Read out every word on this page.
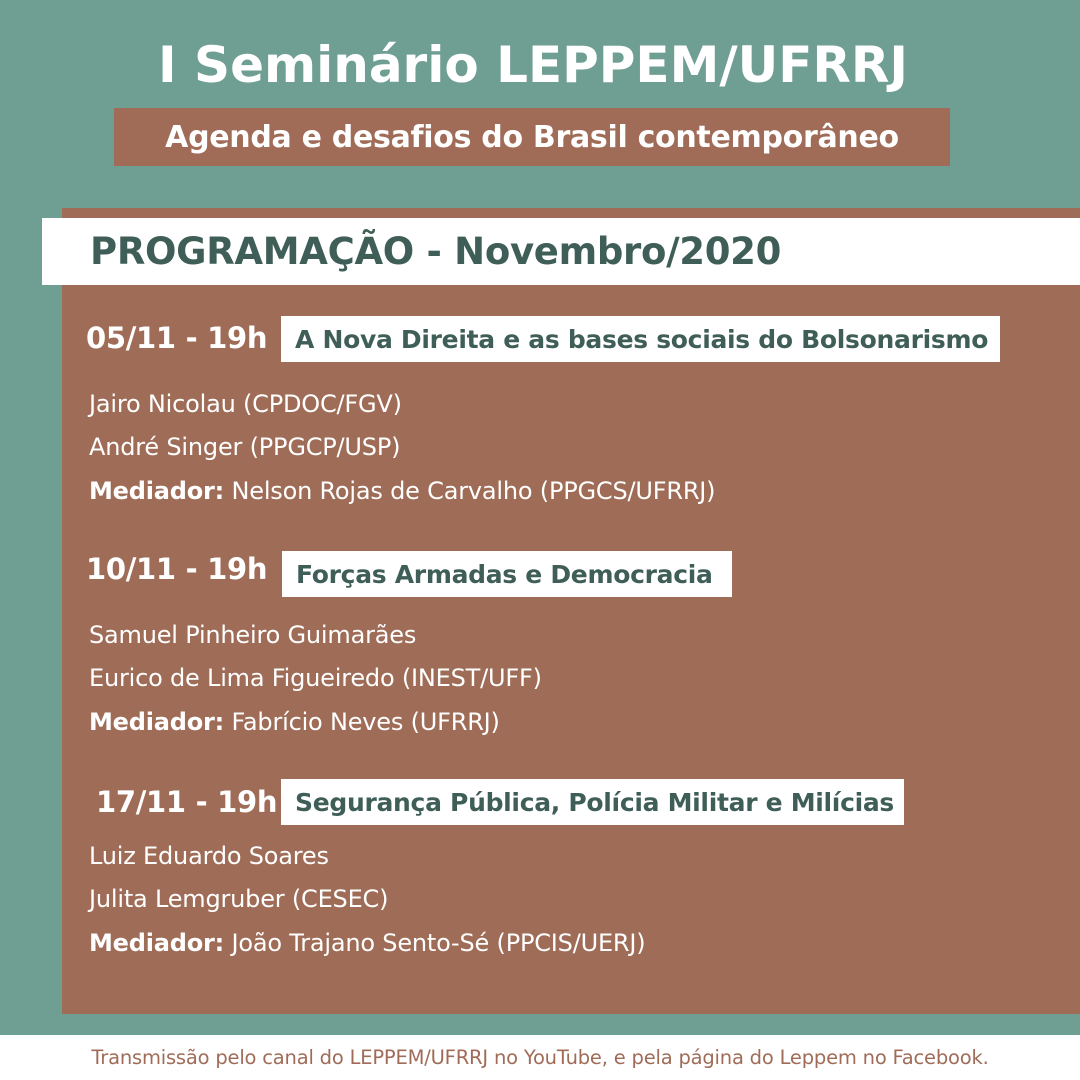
I Seminário LEPPEM/UFRRJ
Agenda e desafios do Brasil contemporâneo
PROGRAMAÇÃO - Novembro/2020
05/11 - 19h	A Nova Direita e as bases sociais do Bolsonarismo
Jairo Nicolau (CPDOC/FGV)
André Singer (PPGCP/USP)
Mediador: Nelson Rojas de Carvalho (PPGCS/UFRRJ)
10/11 - 19h	Forças Armadas e Democracia
Samuel Pinheiro Guimarães
Eurico de Lima Figueiredo (INEST/UFF)
Mediador: Fabrício Neves (UFRRJ)
17/11 - 19h Segurança Pública, Polícia Militar e Milícias
Luiz Eduardo Soares
Julita Lemgruber (CESEC)
Mediador: João Trajano Sento-Sé (PPCIS/UERJ)
Transmissão pelo canal do LEPPEM/UFRRJ no YouTube, e pela página do Leppem no Facebook.
